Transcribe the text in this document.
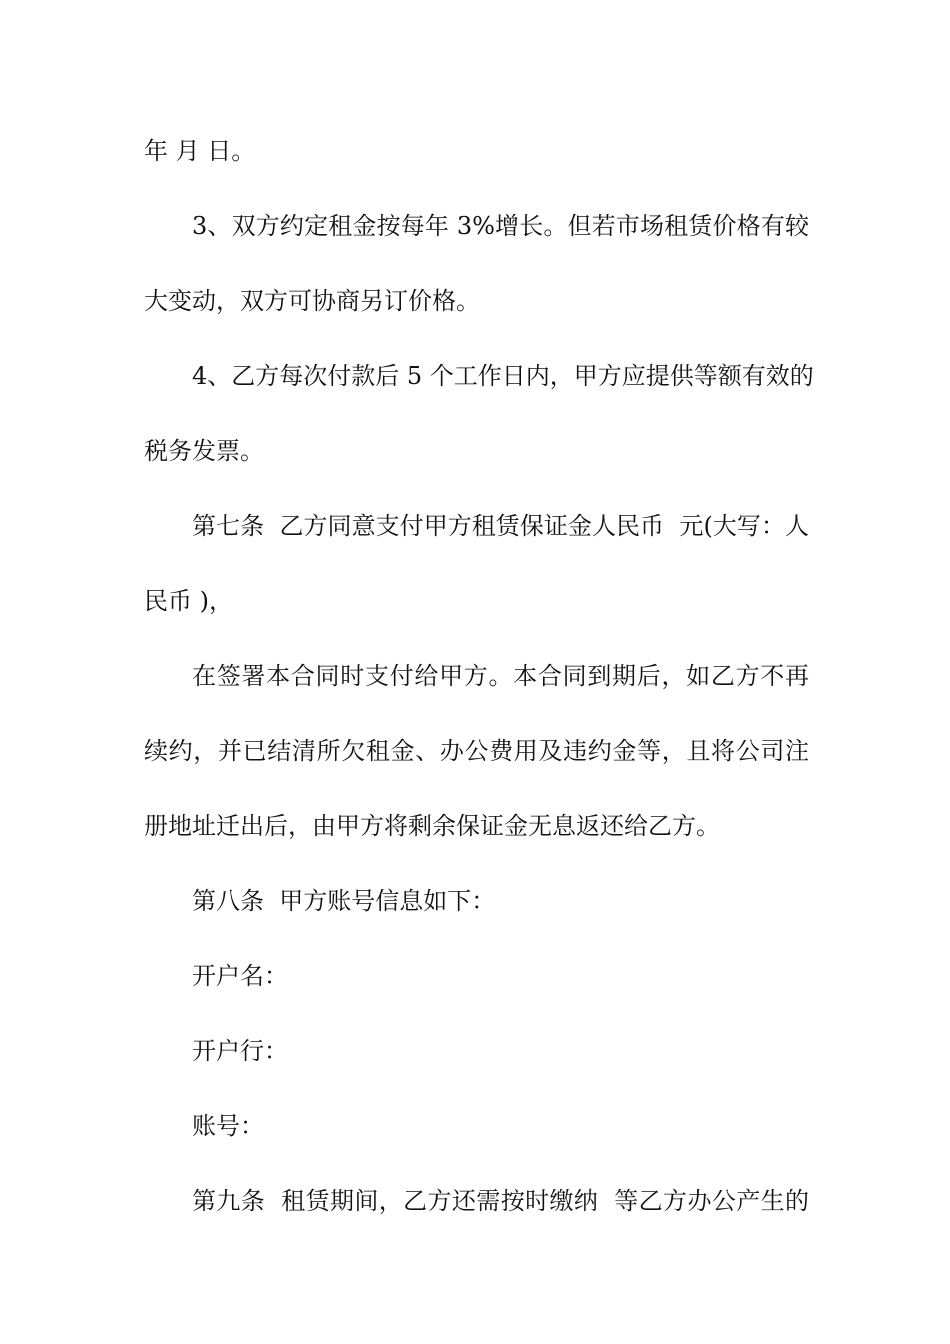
年 月 日。
3、双方约定租金按每年 3%增长。但若市场租赁价格有较
大变动，双方可协商另订价格。
4、乙方每次付款后 5 个工作日内，甲方应提供等额有效的
税务发票。
第七条  乙方同意支付甲方租赁保证金人民币  元(大写：人
民币 )，
在签署本合同时支付给甲方。本合同到期后，如乙方不再
续约，并已结清所欠租金、办公费用及违约金等，且将公司注
册地址迁出后，由甲方将剩余保证金无息返还给乙方。
第八条  甲方账号信息如下：
开户名：
开户行：
账号：
第九条  租赁期间，乙方还需按时缴纳  等乙方办公产生的
